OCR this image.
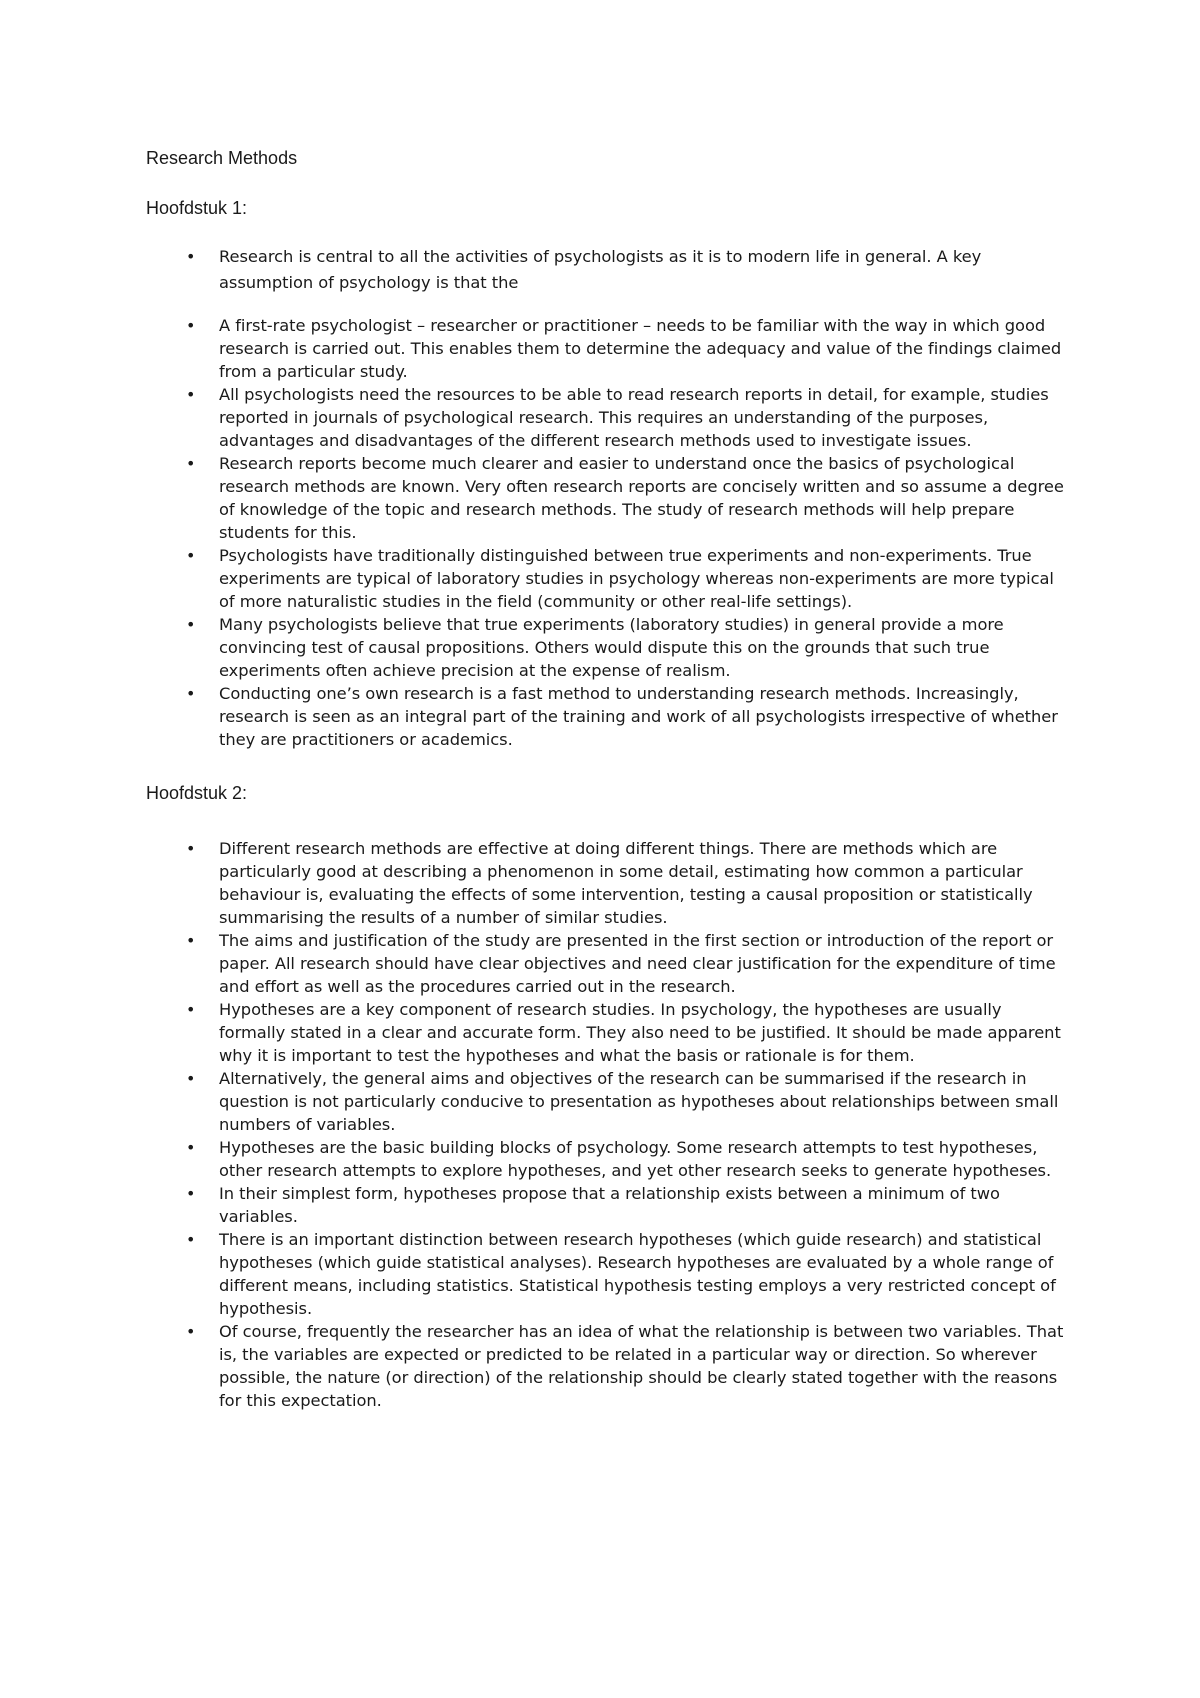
Research Methods
Hoofdstuk 1:
• Research is central to all the activities of psychologists as it is to modern life in general. A key assumption of psychology is that the
• A first-rate psychologist – researcher or practitioner – needs to be familiar with the way in which good research is carried out. This enables them to determine the adequacy and value of the findings claimed from a particular study.
• All psychologists need the resources to be able to read research reports in detail, for example, studies reported in journals of psychological research. This requires an understanding of the purposes, advantages and disadvantages of the different research methods used to investigate issues.
• Research reports become much clearer and easier to understand once the basics of psychological research methods are known. Very often research reports are concisely written and so assume a degree of knowledge of the topic and research methods. The study of research methods will help prepare students for this.
• Psychologists have traditionally distinguished between true experiments and non-experiments. True experiments are typical of laboratory studies in psychology whereas non-experiments are more typical of more naturalistic studies in the field (community or other real-life settings).
• Many psychologists believe that true experiments (laboratory studies) in general provide a more convincing test of causal propositions. Others would dispute this on the grounds that such true experiments often achieve precision at the expense of realism.
• Conducting one’s own research is a fast method to understanding research methods. Increasingly, research is seen as an integral part of the training and work of all psychologists irrespective of whether they are practitioners or academics.
Hoofdstuk 2:
• Different research methods are effective at doing different things. There are methods which are particularly good at describing a phenomenon in some detail, estimating how common a particular behaviour is, evaluating the effects of some intervention, testing a causal proposition or statistically summarising the results of a number of similar studies.
• The aims and justification of the study are presented in the first section or introduction of the report or paper. All research should have clear objectives and need clear justification for the expenditure of time and effort as well as the procedures carried out in the research.
• Hypotheses are a key component of research studies. In psychology, the hypotheses are usually formally stated in a clear and accurate form. They also need to be justified. It should be made apparent why it is important to test the hypotheses and what the basis or rationale is for them.
• Alternatively, the general aims and objectives of the research can be summarised if the research in question is not particularly conducive to presentation as hypotheses about relationships between small numbers of variables.
• Hypotheses are the basic building blocks of psychology. Some research attempts to test hypotheses, other research attempts to explore hypotheses, and yet other research seeks to generate hypotheses.
• In their simplest form, hypotheses propose that a relationship exists between a minimum of two variables.
• There is an important distinction between research hypotheses (which guide research) and statistical hypotheses (which guide statistical analyses). Research hypotheses are evaluated by a whole range of different means, including statistics. Statistical hypothesis testing employs a very restricted concept of hypothesis.
• Of course, frequently the researcher has an idea of what the relationship is between two variables. That is, the variables are expected or predicted to be related in a particular way or direction. So wherever possible, the nature (or direction) of the relationship should be clearly stated together with the reasons for this expectation.
